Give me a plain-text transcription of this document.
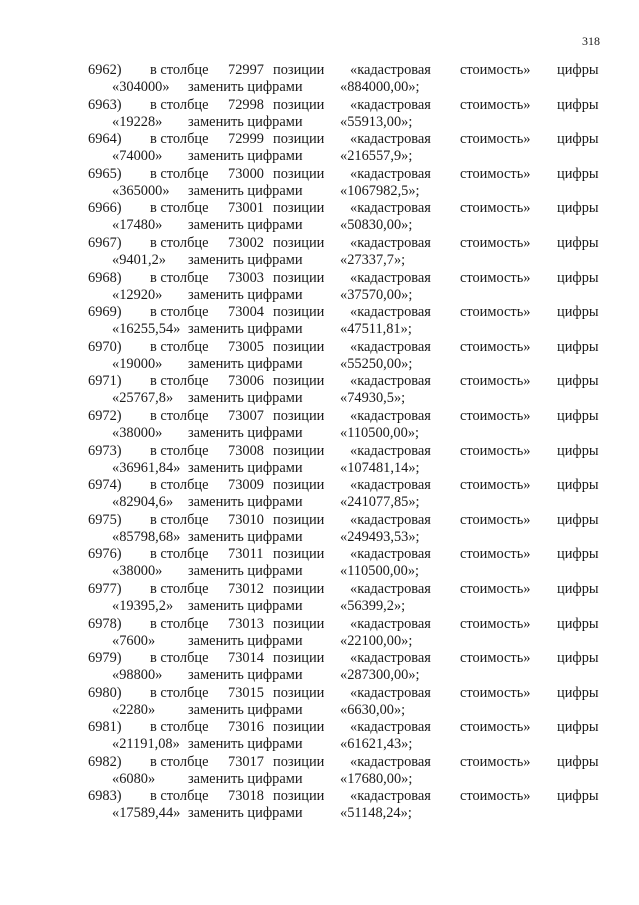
318
6962) в столбце 72997 позиции «кадастровая стоимость» цифры
«304000» заменить цифрами	«884000,00»;
6963) в столбце 72998 позиции «кадастровая стоимость» цифры
«19228» заменить цифрами	«55913,00»;
6964) в столбце 72999 позиции «кадастровая стоимость» цифры
«74000» заменить цифрами	«216557,9»;
6965) в столбце 73000 позиции «кадастровая стоимость» цифры
«365000» заменить цифрами	«1067982,5»;
6966) в столбце 73001 позиции «кадастровая стоимость» цифры
«17480» заменить цифрами	«50830,00»;
6967) в столбце 73002 позиции «кадастровая стоимость» цифры
«9401,2» заменить цифрами	«27337,7»;
6968) в столбце 73003 позиции «кадастровая стоимость» цифры
«12920» заменить цифрами	«37570,00»;
6969) в столбце 73004 позиции «кадастровая стоимость» цифры
«16255,54» заменить цифрами	«47511,81»;
6970) в столбце 73005 позиции «кадастровая стоимость» цифры
«19000» заменить цифрами	«55250,00»;
6971) в столбце 73006 позиции «кадастровая стоимость» цифры
«25767,8» заменить цифрами	«74930,5»;
6972) в столбце 73007 позиции «кадастровая стоимость» цифры
«38000» заменить цифрами	«110500,00»;
6973) в столбце 73008 позиции «кадастровая стоимость» цифры
«36961,84» заменить цифрами	«107481,14»;
6974) в столбце 73009 позиции «кадастровая стоимость» цифры
«82904,6» заменить цифрами	«241077,85»;
6975) в столбце 73010 позиции «кадастровая стоимость» цифры
«85798,68» заменить цифрами	«249493,53»;
6976) в столбце 73011 позиции «кадастровая стоимость» цифры
«38000» заменить цифрами	«110500,00»;
6977) в столбце 73012 позиции «кадастровая стоимость» цифры
«19395,2» заменить цифрами	«56399,2»;
6978) в столбце 73013 позиции «кадастровая стоимость» цифры
«7600» заменить цифрами	«22100,00»;
6979) в столбце 73014 позиции «кадастровая стоимость» цифры
«98800» заменить цифрами	«287300,00»;
6980) в столбце 73015 позиции «кадастровая стоимость» цифры
«2280» заменить цифрами	«6630,00»;
6981) в столбце 73016 позиции «кадастровая стоимость» цифры
«21191,08» заменить цифрами	«61621,43»;
6982) в столбце 73017 позиции «кадастровая стоимость» цифры
«6080» заменить цифрами	«17680,00»;
6983) в столбце 73018 позиции «кадастровая стоимость» цифры
«17589,44» заменить цифрами	«51148,24»;
